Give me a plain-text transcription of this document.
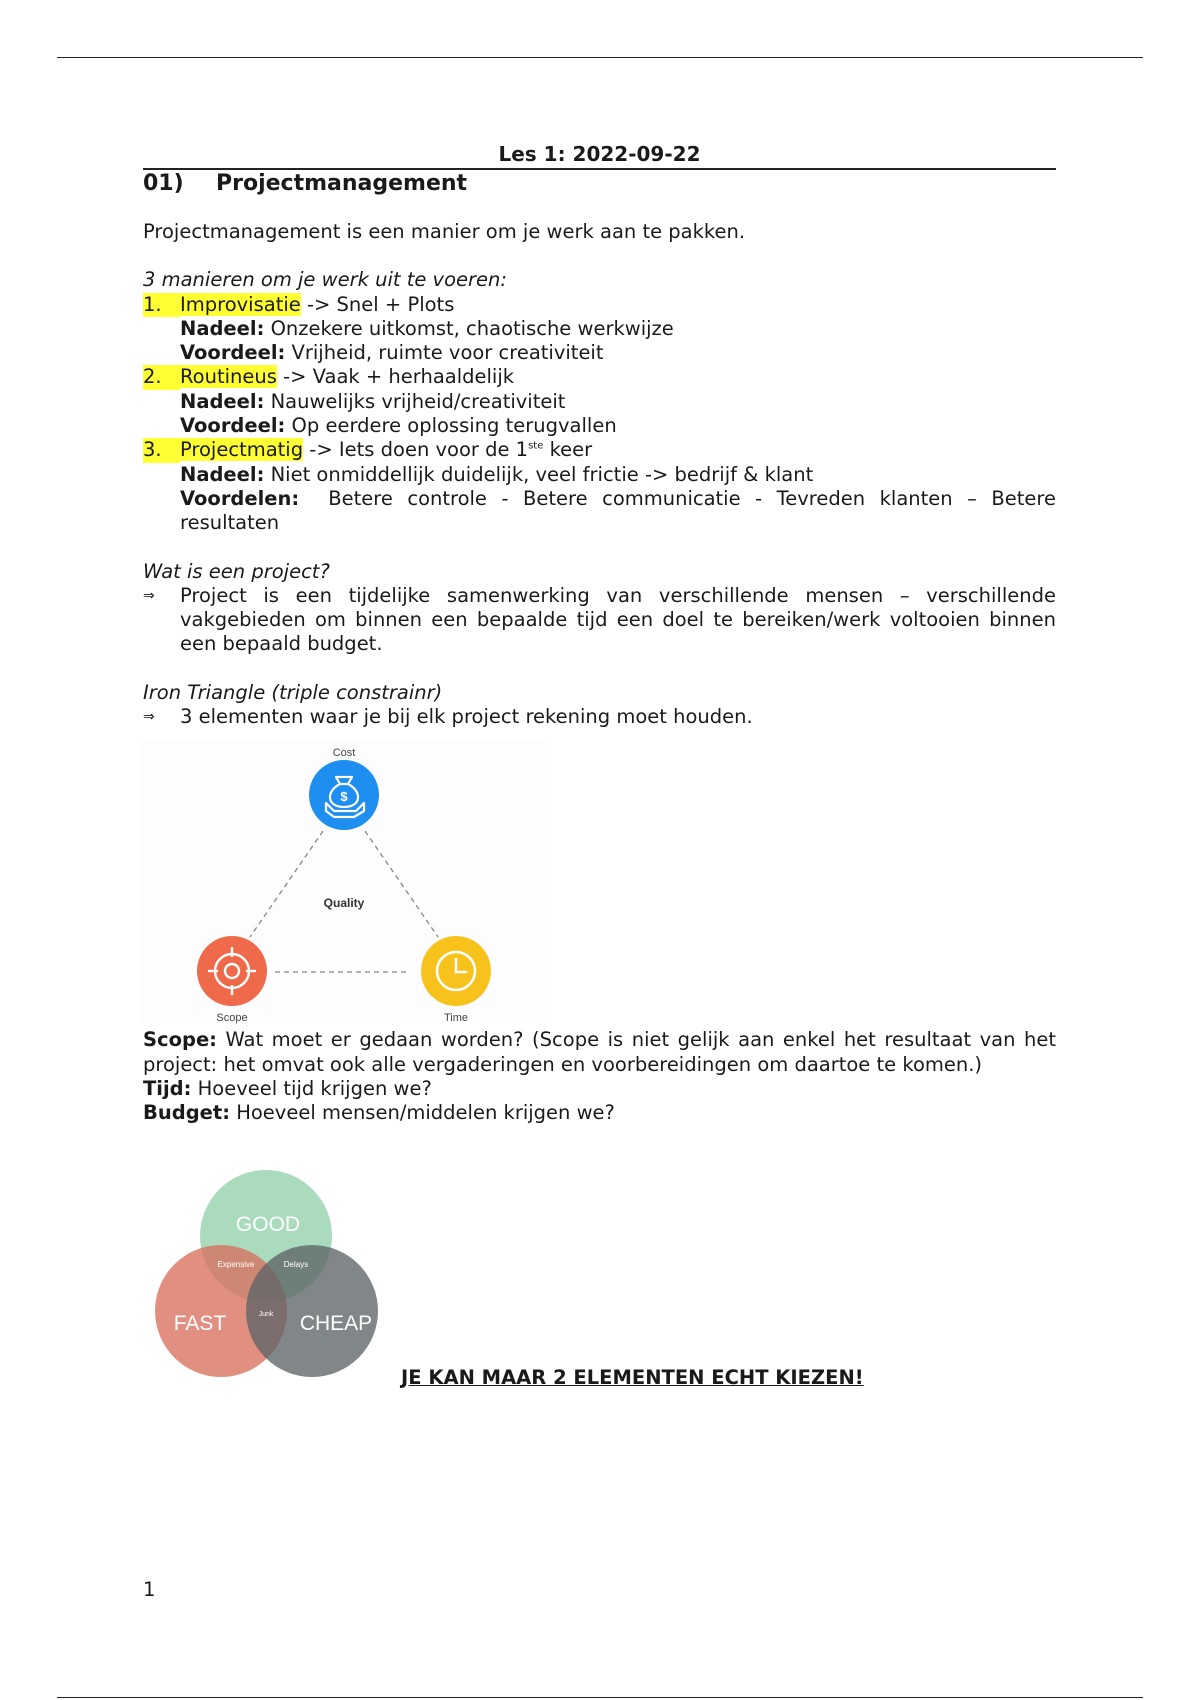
Les 1: 2022-09-22
01)	Projectmanagement

Projectmanagement is een manier om je werk aan te pakken.

3 manieren om je werk uit te voeren:

1. Improvisatie -> Snel + Plots

Nadeel: Onzekere uitkomst, chaotische werkwijze

Voordeel: Vrijheid, ruimte voor creativiteit

2. Routineus -> Vaak + herhaaldelijk

Nadeel: Nauwelijks vrijheid/creativiteit

Voordeel: Op eerdere oplossing terugvallen

3. Projectmatig -> Iets doen voor de 1ste keer

Nadeel: Niet onmiddellijk duidelijk, veel frictie -> bedrijf & klant

Voordelen:  Betere controle - Betere communicatie - Tevreden klanten – Betere resultaten

Wat is een project?

⇒	Project is een tijdelijke samenwerking van verschillende mensen – verschillende vakgebieden om binnen een bepaalde tijd een doel te bereiken/werk voltooien binnen een bepaald budget.

Iron Triangle (triple constrainr)

⇒	3 elementen waar je bij elk project rekening moet houden.
Cost
$
Quality
Scope	Time

Scope: Wat moet er gedaan worden? (Scope is niet gelijk aan enkel het resultaat van het project: het omvat ook alle vergaderingen en voorbereidingen om daartoe te komen.)

Tijd: Hoeveel tijd krijgen we?

Budget: Hoeveel mensen/middelen krijgen we?

GOOD
FAST	CHEAP
Expensive	Delays
Junk
JE KAN MAAR 2 ELEMENTEN ECHT KIEZEN!
1
